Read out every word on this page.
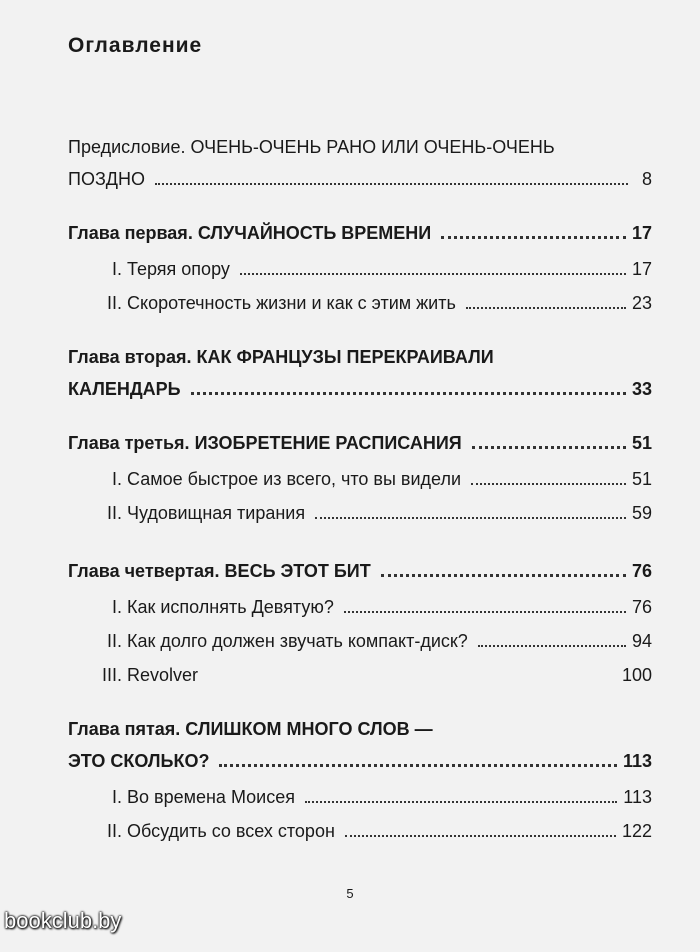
Оглавление
Предисловие. ОЧЕНЬ-ОЧЕНЬ РАНО ИЛИ ОЧЕНЬ-ОЧЕНЬ
ПОЗДНО	8
Глава первая. СЛУЧАЙНОСТЬ ВРЕМЕНИ	17
I. Теряя опору	17
II. Скоротечность жизни и как с этим жить	23
Глава вторая. КАК ФРАНЦУЗЫ ПЕРЕКРАИВАЛИ
КАЛЕНДАРЬ	33
Глава третья. ИЗОБРЕТЕНИЕ РАСПИСАНИЯ	51
I. Самое быстрое из всего, что вы видели	51
II. Чудовищная тирания	59
Глава четвертая. ВЕСЬ ЭТОТ БИТ	76
I. Как исполнять Девятую?	76
II. Как долго должен звучать компакт-диск?	94
III. Revolver	100
Глава пятая. СЛИШКОМ МНОГО СЛОВ —
ЭТО СКОЛЬКО?	113
I. Во времена Моисея	113
II. Обсудить со всех сторон	122
5
bookclub.by
